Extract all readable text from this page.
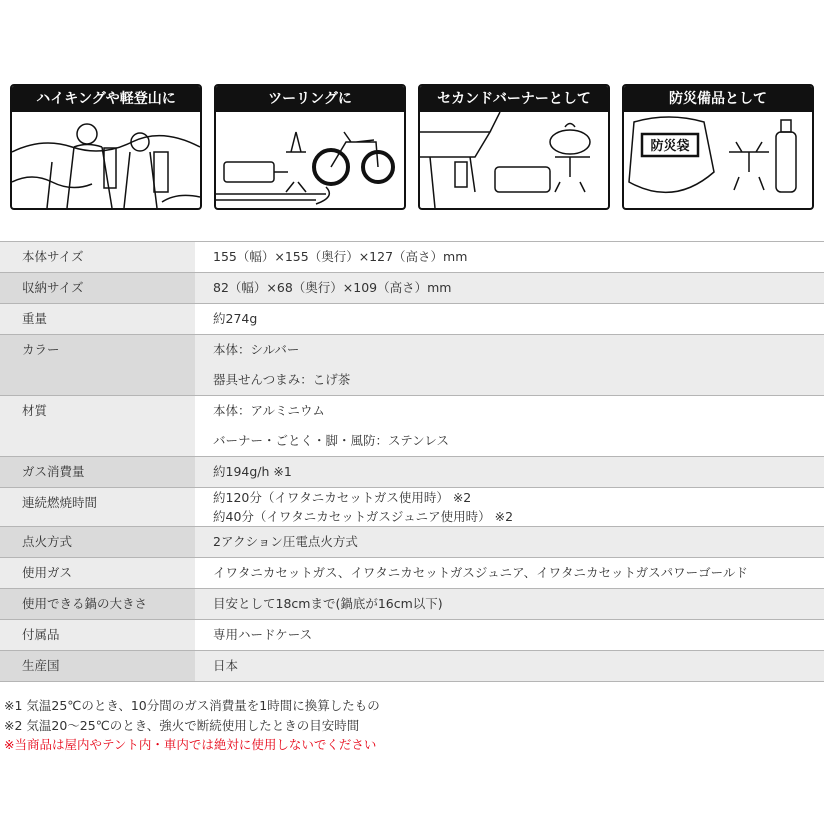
ハイキングや軽登山に	ツーリングに	セカンドバーナーとして	防災備品として
防災袋
本体サイズ	155（幅）×155（奥行）×127（高さ）mm

収納サイズ	82（幅）×68（奥行）×109（高さ）mm

重量	約274g

カラー	本体：シルバー
器具せんつまみ：こげ茶

材質	本体：アルミニウム
バーナー・ごとく・脚・風防：ステンレス

ガス消費量	約194g/h ※1

連続燃焼時間	約120分（イワタニカセットガス使用時） ※2
約40分（イワタニカセットガスジュニア使用時） ※2

点火方式	2アクション圧電点火方式

使用ガス	イワタニカセットガス、イワタニカセットガスジュニア、イワタニカセットガスパワーゴールド

使用できる鍋の大きさ	目安として18cmまで(鍋底が16cm以下)

付属品	専用ハードケース

生産国	日本
※1 気温25℃のとき、10分間のガス消費量を1時間に換算したもの
※2 気温20～25℃のとき、強火で断続使用したときの目安時間
※当商品は屋内やテント内・車内では絶対に使用しないでください
